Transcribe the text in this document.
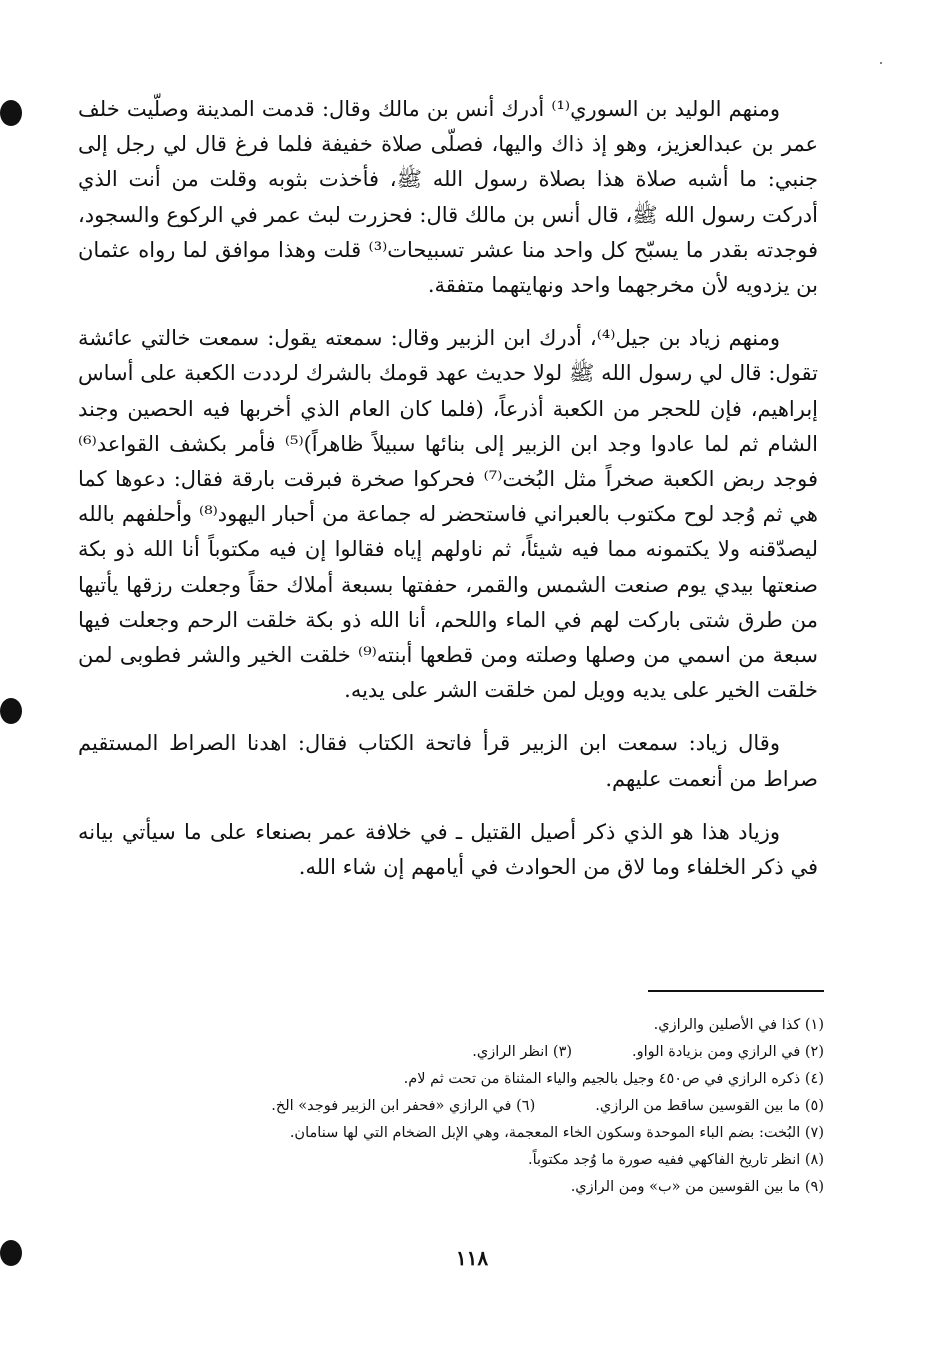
ومنهم الوليد بن السوري⁽¹⁾ أدرك أنس بن مالك وقال: قدمت المدينة وصلّيت خلف عمر بن عبدالعزيز، وهو إذ ذاك واليها، فصلّى صلاة خفيفة فلما فرغ قال لي رجل إلى جنبي: ما أشبه صلاة هذا بصلاة رسول الله ﷺ، فأخذت بثوبه وقلت من أنت الذي أدركت رسول الله ﷺ، قال أنس بن مالك قال: فحزرت لبث عمر في الركوع والسجود، فوجدته بقدر ما يسبّح كل واحد منا عشر تسبيحات⁽³⁾ قلت وهذا موافق لما رواه عثمان بن يزدويه لأن مخرجهما واحد ونهايتهما متفقة.

ومنهم زياد بن جيل⁽⁴⁾، أدرك ابن الزبير وقال: سمعته يقول: سمعت خالتي عائشة تقول: قال لي رسول الله ﷺ لولا حديث عهد قومك بالشرك لرددت الكعبة على أساس إبراهيم، فإن للحجر من الكعبة أذرعاً، (فلما كان العام الذي أخربها فيه الحصين وجند الشام ثم لما عادوا وجد ابن الزبير إلى بنائها سبيلاً ظاهراً)⁽⁵⁾ فأمر بكشف القواعد⁽⁶⁾ فوجد ربض الكعبة صخراً مثل البُخت⁽⁷⁾ فحركوا صخرة فبرقت بارقة فقال: دعوها كما هي ثم وُجد لوح مكتوب بالعبراني فاستحضر له جماعة من أحبار اليهود⁽⁸⁾ وأحلفهم بالله ليصدّقنه ولا يكتمونه مما فيه شيئاً، ثم ناولهم إياه فقالوا إن فيه مكتوباً أنا الله ذو بكة صنعتها بيدي يوم صنعت الشمس والقمر، حففتها بسبعة أملاك حقاً وجعلت رزقها يأتيها من طرق شتى باركت لهم في الماء واللحم، أنا الله ذو بكة خلقت الرحم وجعلت فيها سبعة من اسمي من وصلها وصلته ومن قطعها أبنته⁽⁹⁾ خلقت الخير والشر فطوبى لمن خلقت الخير على يديه وويل لمن خلقت الشر على يديه.

وقال زياد: سمعت ابن الزبير قرأ فاتحة الكتاب فقال: اهدنا الصراط المستقيم صراط من أنعمت عليهم.

وزياد هذا هو الذي ذكر أصيل القتيل ـ في خلافة عمر بصنعاء على ما سيأتي بيانه في ذكر الخلفاء وما لاق من الحوادث في أيامهم إن شاء الله.

(١) كذا في الأصلين والرازي.
(٢) في الرازي ومن بزيادة الواو.
(٣) انظر الرازي.
(٤) ذكره الرازي في ص٤٥٠ وجيل بالجيم والياء المثناة من تحت ثم لام.
(٥) ما بين القوسين ساقط من الرازي.
(٦) في الرازي «فحفر ابن الزبير فوجد» الخ.
(٧) البُخت: بضم الباء الموحدة وسكون الخاء المعجمة، وهي الإبل الضخام التي لها سنامان.
(٨) انظر تاريخ الفاكهي ففيه صورة ما وُجد مكتوباً.
(٩) ما بين القوسين من «ب» ومن الرازي.
١١٨
